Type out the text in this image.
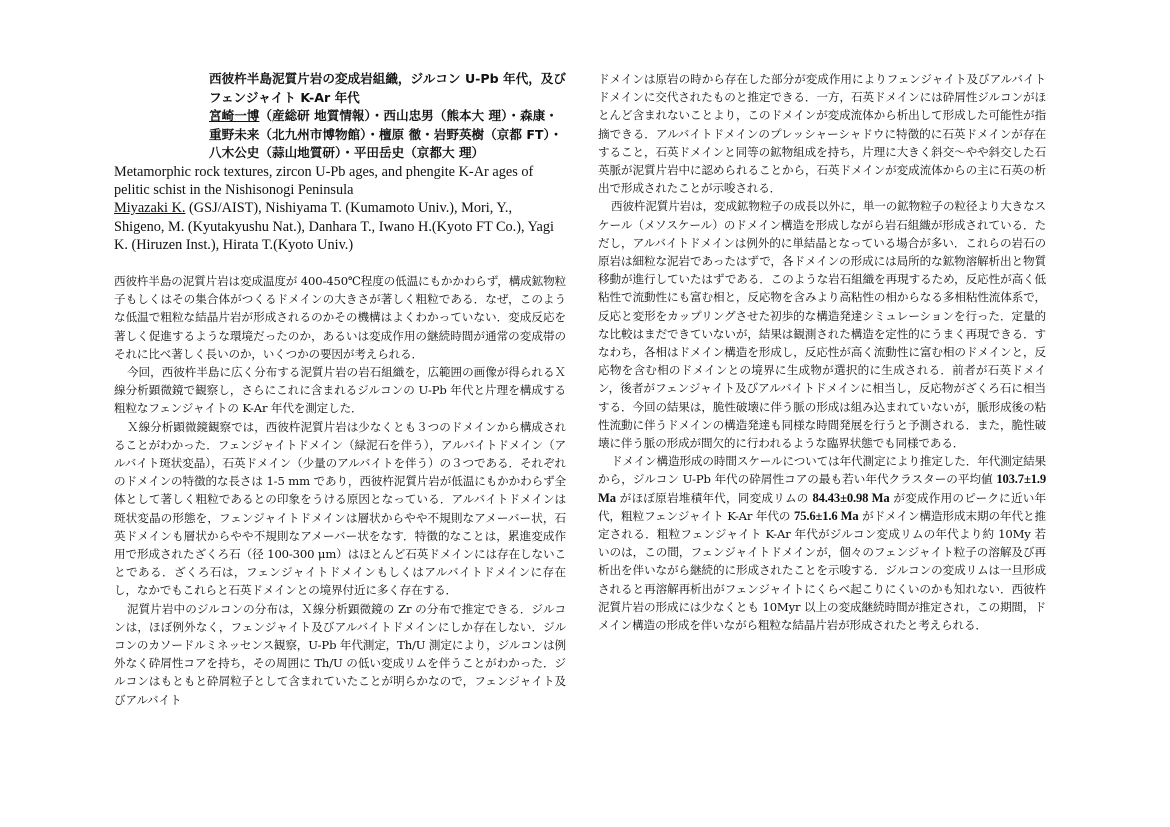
西彼杵半島泥質片岩の変成岩組織，ジルコン U-Pb 年代，及びフェンジャイト K-Ar 年代
宮崎一博（産総研 地質情報）・西山忠男（熊本大 理）・森康・重野未来（北九州市博物館）・檀原 徹・岩野英樹（京都 FT）・八木公史（蒜山地質研）・平田岳史（京都大 理）
Metamorphic rock textures, zircon U-Pb ages, and phengite K-Ar ages of pelitic schist in the Nishisonogi Peninsula
Miyazaki K. (GSJ/AIST), Nishiyama T. (Kumamoto Univ.), Mori, Y., Shigeno, M. (Kyutakyushu Nat.), Danhara T., Iwano H.(Kyoto FT Co.), Yagi K. (Hiruzen Inst.), Hirata T.(Kyoto Univ.)

西彼杵半島の泥質片岩は変成温度が 400-450℃程度の低温にもかかわらず，構成鉱物粒子もしくはその集合体がつくるドメインの大きさが著しく粗粒である．なぜ，このような低温で粗粒な結晶片岩が形成されるのかその機構はよくわかっていない．変成反応を著しく促進するような環境だったのか，あるいは変成作用の継続時間が通常の変成帯のそれに比べ著しく長いのか，いくつかの要因が考えられる．

今回，西彼杵半島に広く分布する泥質片岩の岩石組織を，広範囲の画像が得られるＸ線分析顕微鏡で観察し，さらにこれに含まれるジルコンの U-Pb 年代と片理を構成する粗粒なフェンジャイトの K-Ar 年代を測定した．

Ｘ線分析顕微鏡観察では，西彼杵泥質片岩は少なくとも３つのドメインから構成されることがわかった．フェンジャイトドメイン（緑泥石を伴う），アルバイトドメイン（アルバイト斑状変晶），石英ドメイン（少量のアルバイトを伴う）の３つである．それぞれのドメインの特徴的な長さは 1-5 mm であり，西彼杵泥質片岩が低温にもかかわらず全体として著しく粗粒であるとの印象をうける原因となっている．アルバイトドメインは斑状変晶の形態を，フェンジャイトドメインは層状からやや不規則なアメーバー状，石英ドメインも層状からやや不規則なアメーバー状をなす．特徴的なことは，累進変成作用で形成されたざくろ石（径 100-300 μm）はほとんど石英ドメインには存在しないことである．ざくろ石は，フェンジャイトドメインもしくはアルバイトドメインに存在し，なかでもこれらと石英ドメインとの境界付近に多く存在する．

泥質片岩中のジルコンの分布は，Ｘ線分析顕微鏡の Zr の分布で推定できる．ジルコンは，ほぼ例外なく，フェンジャイト及びアルバイトドメインにしか存在しない．ジルコンのカソードルミネッセンス観察，U-Pb 年代測定，Th/U 測定により，ジルコンは例外なく砕屑性コアを持ち，その周囲に Th/U の低い変成リムを伴うことがわかった．ジルコンはもともと砕屑粒子として含まれていたことが明らかなので，フェンジャイト及びアルバイト

ドメインは原岩の時から存在した部分が変成作用によりフェンジャイト及びアルバイトドメインに交代されたものと推定できる．一方，石英ドメインには砕屑性ジルコンがほとんど含まれないことより，このドメインが変成流体から析出して形成した可能性が指摘できる．アルバイトドメインのプレッシャーシャドウに特徴的に石英ドメインが存在すること，石英ドメインと同等の鉱物組成を持ち，片理に大きく斜交〜やや斜交した石英脈が泥質片岩中に認められることから，石英ドメインが変成流体からの主に石英の析出で形成されたことが示唆される．

西彼杵泥質片岩は，変成鉱物粒子の成長以外に，単一の鉱物粒子の粒径より大きなスケール（メソスケール）のドメイン構造を形成しながら岩石組織が形成されている．ただし，アルバイトドメインは例外的に単結晶となっている場合が多い．これらの岩石の原岩は細粒な泥岩であったはずで，各ドメインの形成には局所的な鉱物溶解析出と物質移動が進行していたはずである．このような岩石組織を再現するため，反応性が高く低粘性で流動性にも富む相と，反応物を含みより高粘性の相からなる多相粘性流体系で，反応と変形をカップリングさせた初歩的な構造発達シミュレーションを行った．定量的な比較はまだできていないが，結果は観測された構造を定性的にうまく再現できる．すなわち，各相はドメイン構造を形成し，反応性が高く流動性に富む相のドメインと，反応物を含む相のドメインとの境界に生成物が選択的に生成される．前者が石英ドメイン，後者がフェンジャイト及びアルバイトドメインに相当し，反応物がざくろ石に相当する．今回の結果は，脆性破壊に伴う脈の形成は組み込まれていないが，脈形成後の粘性流動に伴うドメインの構造発達も同様な時間発展を行うと予測される．また，脆性破壊に伴う脈の形成が間欠的に行われるような臨界状態でも同様である．

ドメイン構造形成の時間スケールについては年代測定により推定した．年代測定結果から，ジルコン U-Pb 年代の砕屑性コアの最も若い年代クラスターの平均値 103.7±1.9 Ma がほぼ原岩堆積年代，同変成リムの 84.43±0.98 Ma が変成作用のピークに近い年代，粗粒フェンジャイト K-Ar 年代の 75.6±1.6 Ma がドメイン構造形成末期の年代と推定される．粗粒フェンジャイト K-Ar 年代がジルコン変成リムの年代より約 10My 若いのは，この間，フェンジャイトドメインが，個々のフェンジャイト粒子の溶解及び再析出を伴いながら継続的に形成されたことを示唆する．ジルコンの変成リムは一旦形成されると再溶解再析出がフェンジャイトにくらべ起こりにくいのかも知れない．西彼杵泥質片岩の形成には少なくとも 10Myr 以上の変成継続時間が推定され，この期間，ドメイン構造の形成を伴いながら粗粒な結晶片岩が形成されたと考えられる．
